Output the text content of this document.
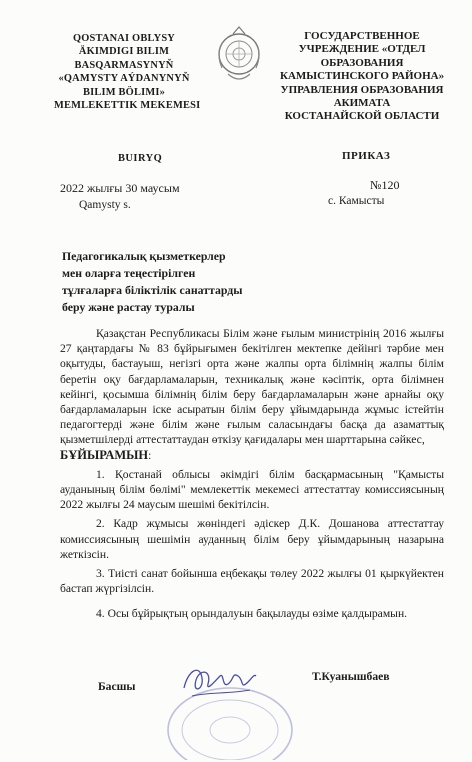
QOSTANAI OBLYSY
ÄKIMDIGI BILIM
BASQARMASYNYŇ
«QAMYSTY AÝDANYNYŇ
BILIM BÖLIMI»
MEMLEKETTIK MEKEMESI
ГОСУДАРСТВЕННОЕ
УЧРЕЖДЕНИЕ «ОТДЕЛ
ОБРАЗОВАНИЯ
КАМЫСТИНСКОГО РАЙОНА»
УПРАВЛЕНИЯ ОБРАЗОВАНИЯ
АКИМАТА
КОСТАНАЙСКОЙ ОБЛАСТИ
BUIRYQ	ПРИКАЗ
2022 жылғы 30 маусым	№120
Qamysty s.	с. Камысты
Педагогикалық қызметкерлер
мен оларға теңестірілген
тұлғаларға біліктілік санаттарды
беру және растау туралы

Қазақстан Республикасы Білім және ғылым министрінің 2016 жылғы 27 қаңтардағы № 83 бұйрығымен бекітілген мектепке дейінгі тәрбие мен оқытуды, бастауыш, негізгі орта және жалпы орта білімнің жалпы білім беретін оқу бағдарламаларын, техникалық және кәсіптік, орта білімнен кейінгі, қосымша білімнің білім беру бағдарламаларын және арнайы оқу бағдарламаларын іске асыратын білім беру ұйымдарында жұмыс істейтін педагогтерді және білім және ғылым саласындағы басқа да азаматтық қызметшілерді аттестаттаудан өткізу қағидалары мен шарттарына сәйкес,

БҰЙЫРАМЫН:

1. Қостанай облысы әкімдігі білім басқармасының "Қамысты ауданының білім бөлімі" мемлекеттік мекемесі аттестаттау комиссиясының 2022 жылғы 24 маусым шешімі бекітілсін.

2. Кадр жұмысы жөніндегі әдіскер Д.К. Дошанова аттестаттау комиссиясының шешімін ауданның білім беру ұйымдарының назарына жеткізсін.

3. Тиісті санат бойынша еңбекақы төлеу 2022 жылғы 01 қыркүйектен бастап жүргізілсін.

4. Осы бұйрықтың орындалуын бақылауды өзіме қалдырамын.

Басшы
Т.Куанышбаев
